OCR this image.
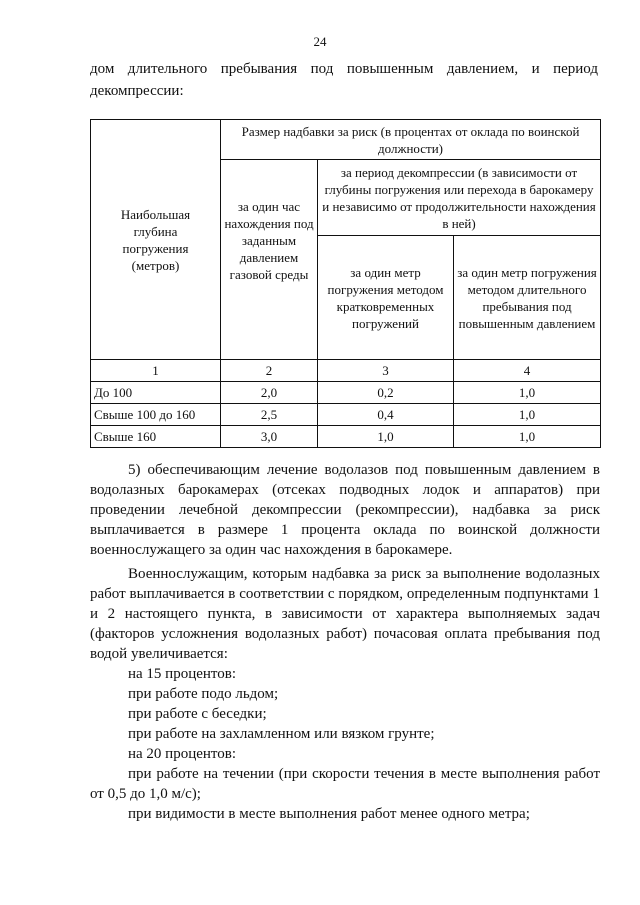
24

дом длительного пребывания под повышенным давлением, и период декомпрессии:

Наибольшая глубина погружения (метров)	Размер надбавки за риск (в процентах от оклада по воинской должности)		
	за один час нахождения под заданным давлением газовой среды	за период декомпрессии (в зависимости от глубины погружения или перехода в барокамеру и независимо от продолжительности нахождения в ней)	
		за один метр погружения методом кратковременных погружений	за один метр погружения методом длительного пребывания под повышенным давлением
1	2	3	4
До 100	2,0	0,2	1,0
Свыше 100 до 160	2,5	0,4	1,0
Свыше 160	3,0	1,0	1,0

5) обеспечивающим лечение водолазов под повышенным давлением в водолазных барокамерах (отсеках подводных лодок и аппаратов) при проведении лечебной декомпрессии (рекомпрессии), надбавка за риск выплачивается в размере 1 процента оклада по воинской должности военнослужащего за один час нахождения в барокамере.

Военнослужащим, которым надбавка за риск за выполнение водолазных работ выплачивается в соответствии с порядком, определенным подпунктами 1 и 2 настоящего пункта, в зависимости от характера выполняемых задач (факторов усложнения водолазных работ) почасовая оплата пребывания под водой увеличивается:

на 15 процентов:
при работе подо льдом;
при работе с беседки;
при работе на захламленном или вязком грунте;
на 20 процентов:

при работе на течении (при скорости течения в месте выполнения работ от 0,5 до 1,0 м/с);

при видимости в месте выполнения работ менее одного метра;
